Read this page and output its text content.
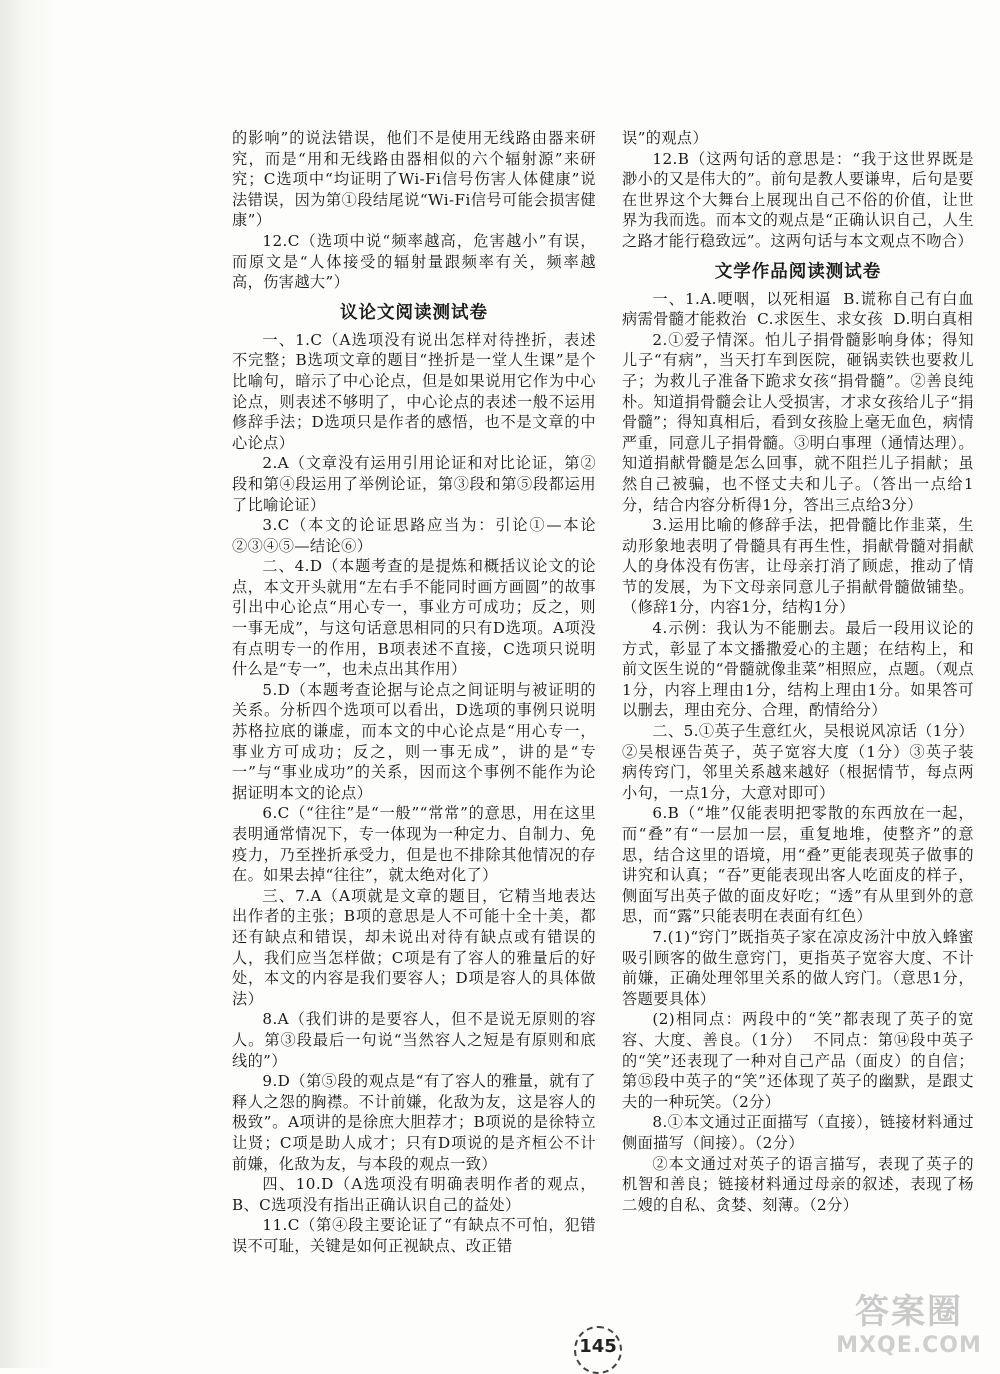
的影响”的说法错误，他们不是使用无线路由器来研究，而是“用和无线路由器相似的六个辐射源”来研究；C选项中“均证明了Wi-Fi信号伤害人体健康”说法错误，因为第①段结尾说“Wi-Fi信号可能会损害健康”）

12.C（选项中说“频率越高，危害越小”有误，而原文是“人体接受的辐射量跟频率有关，频率越高，伤害越大”）

议论文阅读测试卷

一、1.C（A选项没有说出怎样对待挫折，表述不完整；B选项文章的题目“挫折是一堂人生课”是个比喻句，暗示了中心论点，但是如果说用它作为中心论点，则表述不够明了，中心论点的表述一般不运用修辞手法；D选项只是作者的感悟，也不是文章的中心论点）

2.A（文章没有运用引用论证和对比论证，第②段和第④段运用了举例论证，第③段和第⑤段都运用了比喻论证）

3.C（本文的论证思路应当为：引论①—本论②③④⑤—结论⑥）

二、4.D（本题考查的是提炼和概括议论文的论点，本文开头就用“左右手不能同时画方画圆”的故事引出中心论点“用心专一，事业方可成功；反之，则一事无成”，与这句话意思相同的只有D选项。A项没有点明专一的作用，B项表述不直接，C选项只说明什么是“专一”，也未点出其作用）

5.D（本题考查论据与论点之间证明与被证明的关系。分析四个选项可以看出，D选项的事例只说明苏格拉底的谦虚，而本文的中心论点是“用心专一，事业方可成功；反之，则一事无成”，讲的是“专一”与“事业成功”的关系，因而这个事例不能作为论据证明本文的论点）

6.C（“往往”是“一般”“常常”的意思，用在这里表明通常情况下，专一体现为一种定力、自制力、免疫力，乃至挫折承受力，但是也不排除其他情况的存在。如果去掉“往往”，就太绝对化了）

三、7.A（A项就是文章的题目，它精当地表达出作者的主张；B项的意思是人不可能十全十美，都还有缺点和错误，却未说出对待有缺点或有错误的人，我们应当怎样做；C项是有了容人的雅量后的好处，本文的内容是我们要容人；D项是容人的具体做法）

8.A（我们讲的是要容人，但不是说无原则的容人。第③段最后一句说“当然容人之短是有原则和底线的”）

9.D（第⑤段的观点是“有了容人的雅量，就有了释人之怨的胸襟。不计前嫌，化敌为友，这是容人的极致”。A项讲的是徐庶大胆荐才；B项说的是徐特立让贤；C项是助人成才；只有D项说的是齐桓公不计前嫌，化敌为友，与本段的观点一致）

四、10.D（A选项没有明确表明作者的观点，B、C选项没有指出正确认识自己的益处）

11.C（第④段主要论证了“有缺点不可怕，犯错误不可耻，关键是如何正视缺点、改正错

误”的观点）

12.B（这两句话的意思是：“我于这世界既是渺小的又是伟大的”。前句是教人要谦卑，后句是要在世界这个大舞台上展现出自己不俗的价值，让世界为我而选。而本文的观点是“正确认识自己，人生之路才能行稳致远”。这两句话与本文观点不吻合）

文学作品阅读测试卷

一、1.A.哽咽，以死相逼  B.谎称自己有白血病需骨髓才能救治  C.求医生、求女孩  D.明白真相

2.①爱子情深。怕儿子捐骨髓影响身体；得知儿子“有病”，当天打车到医院，砸锅卖铁也要救儿子；为救儿子准备下跪求女孩“捐骨髓”。②善良纯朴。知道捐骨髓会让人受损害，才求女孩给儿子“捐骨髓”；得知真相后，看到女孩脸上毫无血色，病情严重，同意儿子捐骨髓。③明白事理（通情达理）。知道捐献骨髓是怎么回事，就不阻拦儿子捐献；虽然自己被骗，也不怪丈夫和儿子。（答出一点给1分，结合内容分析得1分，答出三点给3分）

3.运用比喻的修辞手法，把骨髓比作韭菜，生动形象地表明了骨髓具有再生性，捐献骨髓对捐献人的身体没有伤害，让母亲打消了顾虑，推动了情节的发展，为下文母亲同意儿子捐献骨髓做铺垫。（修辞1分，内容1分，结构1分）

4.示例：我认为不能删去。最后一段用议论的方式，彰显了本文播撒爱心的主题；在结构上，和前文医生说的“骨髓就像韭菜”相照应，点题。（观点1分，内容上理由1分，结构上理由1分。如果答可以删去，理由充分、合理，酌情给分）

二、5.①英子生意红火，吴根说风凉话（1分）②吴根诬告英子，英子宽容大度（1分）③英子装病传窍门，邻里关系越来越好（根据情节，每点两小句，一点1分，大意对即可）

6.B（“堆”仅能表明把零散的东西放在一起，而“叠”有“一层加一层，重复地堆，使整齐”的意思，结合这里的语境，用“叠”更能表现英子做事的讲究和认真；“吞”更能表现出客人吃面皮的样子，侧面写出英子做的面皮好吃；“透”有从里到外的意思，而“露”只能表明在表面有红色）

7.(1)“窍门”既指英子家在凉皮汤汁中放入蜂蜜吸引顾客的做生意窍门，更指英子宽容大度、不计前嫌，正确处理邻里关系的做人窍门。（意思1分，答题要具体）

(2)相同点：两段中的“笑”都表现了英子的宽容、大度、善良。（1分）  不同点：第⑭段中英子的“笑”还表现了一种对自己产品（面皮）的自信；第⑮段中英子的“笑”还体现了英子的幽默，是跟丈夫的一种玩笑。（2分）

8.①本文通过正面描写（直接），链接材料通过侧面描写（间接）。（2分）

②本文通过对英子的语言描写，表现了英子的机智和善良；链接材料通过母亲的叙述，表现了杨二嫂的自私、贪婪、刻薄。（2分）

145
答案圈
MXQE.COM
